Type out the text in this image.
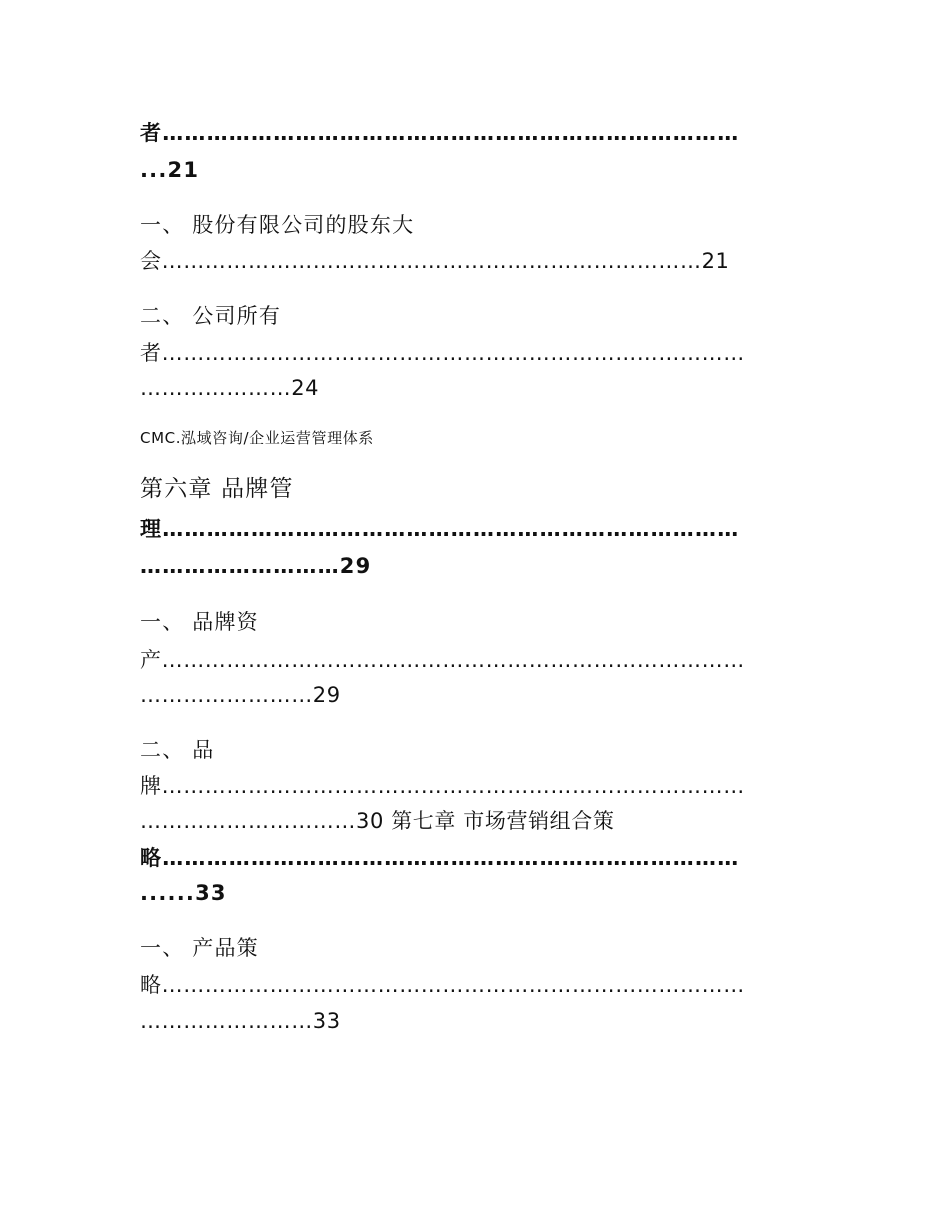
者……………………………………………………………………
...21
一、 股份有限公司的股东大
会…………………………………………………………………21
二、 公司所有
者………………………………………………………………………
…………………24
CMC.泓域咨询/企业运营管理体系
第六章 品牌管
理……………………………………………………………………
………………………29
一、 品牌资
产………………………………………………………………………
……………………29
二、 品
牌………………………………………………………………………
…………………………30 第七章 市场营销组合策
略……………………………………………………………………
......33
一、 产品策
略………………………………………………………………………
……………………33
